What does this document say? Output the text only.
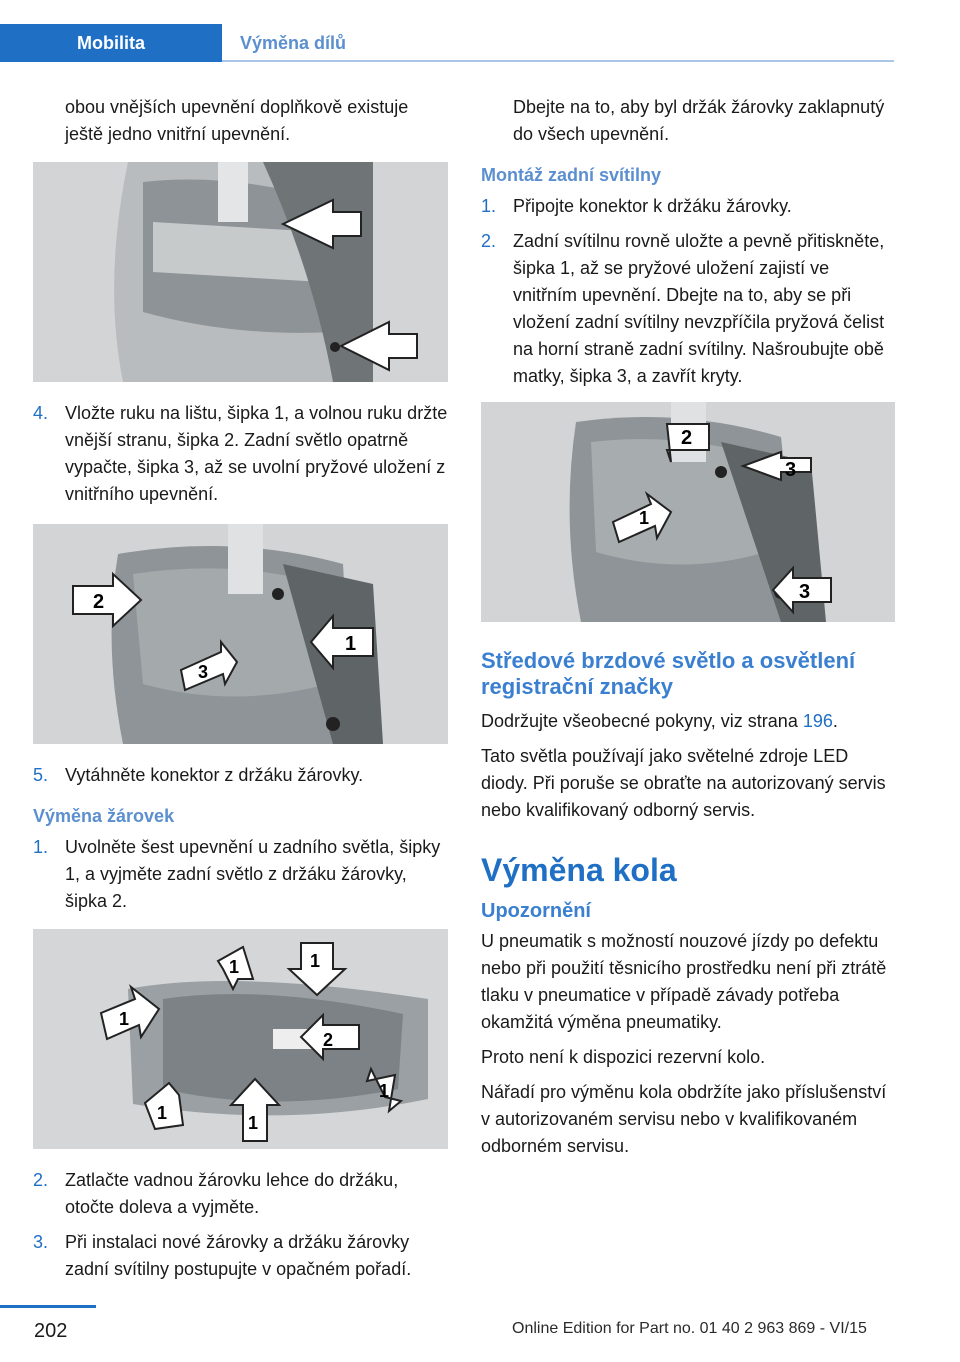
Mobilita	Výměna dílů

obou vnějších upevnění doplňkově existuje ještě jedno vnitřní upevnění.

4. Vložte ruku na lištu, šipka 1, a volnou ruku držte vnější stranu, šipka 2. Zadní světlo opatrně vypačte, šipka 3, až se uvolní pryžové uložení z vnitřního upevnění.
2
1
3
5. Vytáhněte konektor z držáku žárovky.
Výměna žárovek
1. Uvolněte šest upevnění u zadního světla, šipky 1, a vyjměte zadní světlo z držáku žárovky, šipka 2.
1	1
1
2
1
1	1
2. Zatlačte vadnou žárovku lehce do držáku, otočte doleva a vyjměte.
3. Při instalaci nové žárovky a držáku žárovky zadní svítilny postupujte v opačném pořadí.

Dbejte na to, aby byl držák žárovky zaklapnutý do všech upevnění.

Montáž zadní svítilny
1. Připojte konektor k držáku žárovky.
2. Zadní svítilnu rovně uložte a pevně přitiskněte, šipka 1, až se pryžové uložení zajistí ve vnitřním upevnění. Dbejte na to, aby se při vložení zadní svítilny nevzpříčila pryžová čelist na horní straně zadní svítilny. Našroubujte obě matky, šipka 3, a zavřít kryty.
2
3
1
3
Středové brzdové světlo a osvětlení registrační značky

Dodržujte všeobecné pokyny, viz strana 196.

Tato světla používají jako světelné zdroje LED diody. Při poruše se obraťte na autorizovaný servis nebo kvalifikovaný odborný servis.

Výměna kola
Upozornění

U pneumatik s možností nouzové jízdy po defektu nebo při použití těsnicího prostředku není při ztrátě tlaku v pneumatice v případě závady potřeba okamžitá výměna pneumatiky.

Proto není k dispozici rezervní kolo.

Nářadí pro výměnu kola obdržíte jako příslušenství v autorizovaném servisu nebo v kvalifikovaném odborném servisu.

202	Online Edition for Part no. 01 40 2 963 869 - VI/15
